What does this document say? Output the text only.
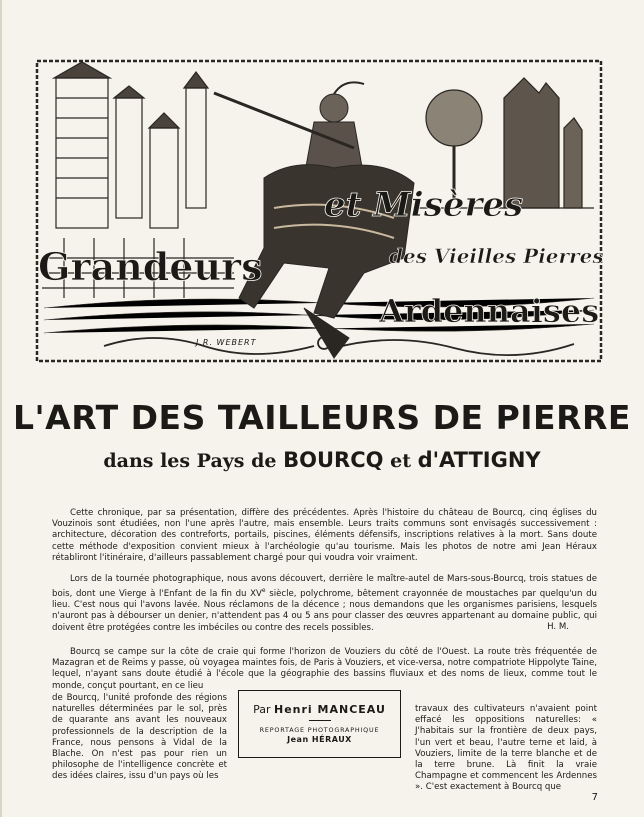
et Misères
Grandeurs	des Vieilles Pierres
Ardennaises
J.R. WEBERT
L'ART DES TAILLEURS DE PIERRE
dans les Pays de BOURCQ et d'ATTIGNY

Cette chronique, par sa présentation, diffère des précédentes. Après l'histoire du château de Bourcq, cinq églises du Vouzinois sont étudiées, non l'une après l'autre, mais ensemble. Leurs traits communs sont envisagés successivement : architecture, décoration des contreforts, portails, piscines, éléments défensifs, inscriptions relatives à la mort. Sans doute cette méthode d'exposition convient mieux à l'archéologie qu'au tourisme. Mais les photos de notre ami Jean Héraux rétabliront l'itinéraire, d'ailleurs passablement chargé pour qui voudra voir vraiment.

Lors de la tournée photographique, nous avons découvert, derrière le maître-autel de Mars-sous-Bourcq, trois statues de bois, dont une Vierge à l'Enfant de la fin du XVe siècle, polychrome, bêtement crayonnée de moustaches par quelqu'un du lieu. C'est nous qui l'avons lavée. Nous réclamons de la décence ; nous demandons que les organismes parisiens, lesquels n'auront pas à débourser un denier, n'attendent pas 4 ou 5 ans pour classer des œuvres appartenant au domaine public, qui doivent être protégées contre les imbéciles ou contre des recels possibles.	H. M.

Bourcq se campe sur la côte de craie qui forme l'horizon de Vouziers du côté de l'Ouest. La route très fréquentée de Mazagran et de Reims y passe, où voyagea maintes fois, de Paris à Vouziers, et vice-versa, notre compatriote Hippolyte Taine, lequel, n'ayant sans doute étudié à l'école que la géographie des bassins fluviaux et des noms de lieux, comme tout le monde, conçut pourtant, en ce lieu

de Bourcq, l'unité profonde des régions naturelles déterminées par le sol, près de quarante ans avant les nouveaux professionnels de la description de la France, nous pensons à Vidal de la Blache. On n'est pas pour rien un philosophe de l'intelligence concrète et des idées claires, issu d'un pays où les

Par Henri MANCEAU
REPORTAGE PHOTOGRAPHIQUE
Jean HÉRAUX

travaux des cultivateurs n'avaient point effacé les oppositions naturelles: « J'habitais sur la frontière de deux pays, l'un vert et beau, l'autre terne et laid, à Vouziers, limite de la terre blanche et de la terre brune. Là finit la vraie Champagne et commencent les Ardennes ». C'est exactement à Bourcq que

7
